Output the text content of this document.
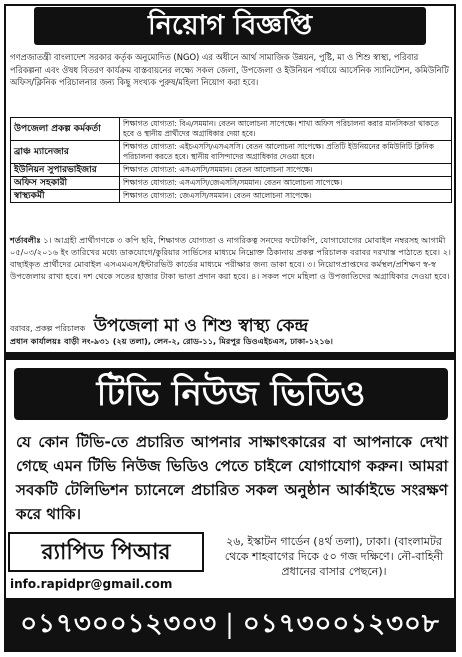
নিয়োগ বিজ্ঞপ্তি
গণপ্রজাতন্ত্রী বাংলাদেশ সরকার কর্তৃক অনুমোদিত (NGO) এর অধীনে আর্থ সামাজিক উন্নয়ন, পুষ্টি, মা ও শিশু স্বাস্থ্য, পরিবার পরিকল্পনা এবং ঔষধ বিতরণ কার্যক্রম বাস্তবায়নের লক্ষ্যে সকল জেলা, উপজেলা ও ইউনিয়ন পর্যায়ে আর্সেনিক স্যানিটেশন, কমিউনিটি অফিস/ক্লিনিক পরিচালনার জন্য কিছু সংখ্যক পুরুষ/মহিলা নিয়োগ করা হবে।
উপজেলা প্রকল্প কর্মকর্তা	শিক্ষাগত যোগ্যতা: বিএ/সমমান। বেতন আলোচনা সাপেক্ষে। শাখা অফিস পরিচালনা করার মানসিকতা থাকতে হবে ও স্থানীয় প্রার্থীদের অগ্রাধিকার দেয়া হবে।
ব্রাঞ্চ ম্যানেজার	শিক্ষাগত যোগ্যতা: এইচএসসি/এসএসসি। বেতন আলোচনা সাপেক্ষে। প্রতিটি ইউনিয়নের কমিউনিটি ক্লিনিক পরিচালনা করতে হবে। স্থানীয় বাসিন্দাদের অগ্রাধিকার দেওয়া হবে।
ইউনিয়ন সুপারভাইজার	শিক্ষাগত যোগ্যতা: এসএসসি/সমমান। বেতন আলোচনা সাপেক্ষে।
অফিস সহকারী	শিক্ষাগত যোগ্যতা: এসএসসি/জেএসসি/সমমান। বেতন আলোচনা সাপেক্ষে।
স্বাস্থ্যকর্মী	শিক্ষাগত যোগ্যতা: জেএসসি/সমমান। বেতন আলোচনা সাপেক্ষে।
শর্তাবলীঃ ১। আগ্রহী প্রার্থীগণকে ৩ কপি ছবি, শিক্ষাগত যোগ্যতা ও নাগরিকত্ব সনদের ফটোকপি, যোগাযোগের মোবাইল নম্বরসহ আগামী ০৫/০৩/২০১৬ ইং তারিখের মধ্যে ডাকযোগে/কুরিয়ার সার্ভিসের মাধ্যমে নিম্নোক্ত ঠিকানায় প্রকল্প পরিচালক বরাবর দরখাস্ত পাঠাতে হবে। ২। বাছাইকৃত প্রার্থীদের মোবাইল এসএমএস/ইন্টারভিউ কার্ডের মাধ্যমে পরীক্ষার জন্য ডাকা হবে। ৩। নিয়োগপ্রাপ্তদের কর্মস্থল/প্রশিক্ষণ স্ব-স্ব উপজেলায় রাখা হবে। দশ থেকে সতের হাজার টাকা ভাতা প্রদান করা হবে। ৪। সকল পদে মহিলা ও উপজাতিদের অগ্রাধিকার দেওয়া হবে।
বরাবর, প্রকল্প পরিচালক উপজেলা মা ও শিশু স্বাস্থ্য কেন্দ্র
প্রধান কার্যালয়ঃ বাড়ী নং-৯৩১ (২য় তলা), লেন-২, রোড-১১, মিরপুর ডিওএইচএস, ঢাকা-১২১৬।
টিভি নিউজ ভিডিও
যে কোন টিভি-তে প্রচারিত আপনার সাক্ষাৎকারের বা আপনাকে দেখা গেছে এমন টিভি নিউজ ভিডিও পেতে চাইলে যোগাযোগ করুন। আমরা সবকটি টেলিভিশন চ্যানেলে প্রচারিত সকল অনুষ্ঠান আর্কাইভে সংরক্ষণ করে থাকি।
র‌্যাপিড পিআর
info.rapidpr@gmail.com
২৬, ইস্কাটন গার্ডেন (৪র্থ তলা), ঢাকা। (বাংলামটর থেকে শাহবাগের দিকে ৫০ গজ দক্ষিণে। নৌ-বাহিনী প্রধানের বাসার পেছনে)।
০১৭৩০০১২৩০৩ | ০১৭৩০০১২৩০৮
